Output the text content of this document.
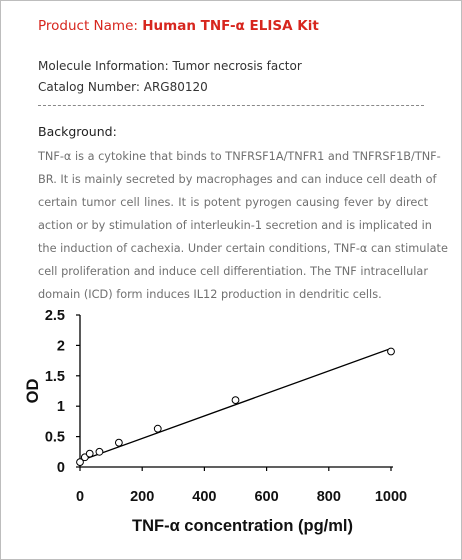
Product Name: Human TNF-α ELISA Kit
Molecule Information: Tumor necrosis factor
Catalog Number: ARG80120
Background:
TNF-α is a cytokine that binds to TNFRSF1A/TNFR1 and TNFRSF1B/TNF-
BR. It is mainly secreted by macrophages and can induce cell death of
certain tumor cell lines. It is potent pyrogen causing fever by direct
action or by stimulation of interleukin-1 secretion and is implicated in
the induction of cachexia. Under certain conditions, TNF-α can stimulate
cell proliferation and induce cell differentiation. The TNF intracellular
domain (ICD) form induces IL12 production in dendritic cells.
0
0.5
1
1.5
2
2.5
0	200	400	600	800 1000
TNF-α concentration (pg/ml)
OD
